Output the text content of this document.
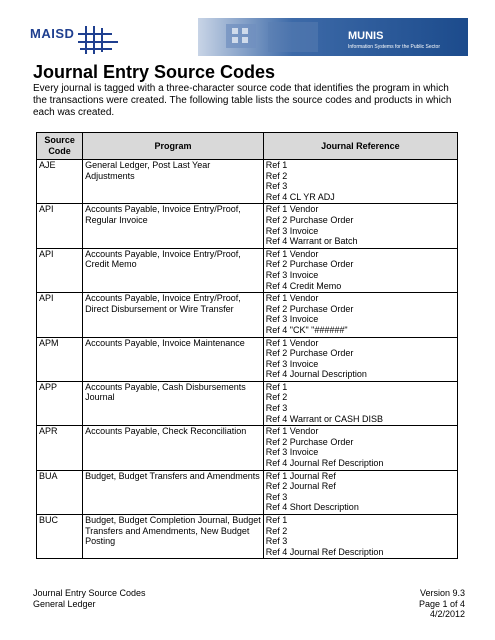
MAISD	MUNIS
Information Systems for the Public Sector
Journal Entry Source Codes

Every journal is tagged with a three-character source code that identifies the program in which the transactions were created. The following table lists the source codes and products in which each was created.

Source Code	Program	Journal Reference
AJE	General Ledger, Post Last Year Adjustments	Ref 1
Ref 2
Ref 3
Ref 4 CL YR ADJ

API	Accounts Payable, Invoice Entry/Proof, Regular Invoice	Ref 1 Vendor
Ref 2 Purchase Order
Ref 3 Invoice
Ref 4 Warrant or Batch

API	Accounts Payable, Invoice Entry/Proof, Credit Memo	Ref 1 Vendor
Ref 2 Purchase Order
Ref 3 Invoice
Ref 4 Credit Memo

API	Accounts Payable, Invoice Entry/Proof, Direct Disbursement or Wire Transfer	Ref 1 Vendor
Ref 2 Purchase Order
Ref 3 Invoice
Ref 4 "CK" "######"

APM	Accounts Payable, Invoice Maintenance	Ref 1 Vendor
Ref 2 Purchase Order
Ref 3 Invoice
Ref 4 Journal Description

APP	Accounts Payable, Cash Disbursements Journal	Ref 1
Ref 2
Ref 3
Ref 4 Warrant or CASH DISB

APR	Accounts Payable, Check Reconciliation	Ref 1 Vendor
Ref 2 Purchase Order
Ref 3 Invoice
Ref 4 Journal Ref Description

BUA	Budget, Budget Transfers and Amendments	Ref 1 Journal Ref
Ref 2 Journal Ref
Ref 3
Ref 4 Short Description

BUC	Budget, Budget Completion Journal, Budget Transfers and Amendments, New Budget Posting	Ref 1
Ref 2
Ref 3
Ref 4 Journal Ref Description
Journal Entry Source Codes
General Ledger
Version 9.3
Page 1 of 4
4/2/2012
